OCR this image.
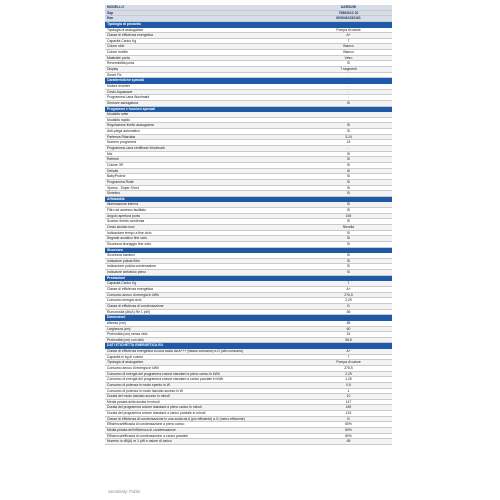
MODELLO	DAR5/2W
Sap	75863012 20
Ean	8059461282161
Tipologia di prodotto	
Tipologia di asciugatrice	Pompa di calore
Classe di efficienza energetica	A+
Capacità Carico Kg	7
Colore oblò	Bianco
Colore mobile	Bianco
Materiale porta	Vetro
Reversibilità porta	Si
Display	7 segmenti
Smart Fix	-
Caratteristiche speciali	
Motore Inverter	-
Cesto Aquawave	-
Programma Lana Woolmark	-
Sensore asciugatura	Si
Programmi e funzioni speciali	
Modalità notte	
Modalità rapido	
Regolazione livello asciugatura	Si
Anti-piega automatico	Si
Partenza Ritardata	3-24
Numero programmi	15
Programma Lana certificato Woolmark	-
Mix	Si
Refresh	Si
Cotone 39'	Si
Delicati	Si
BabyProtect	Si
Programma Rotte	Si
Xpress - Super Short	Si
Sintetico	Si
Affidabilità	
Illuminazione interna	Si
Filtro ad accesso facilitato	Si
Angolo apertura porta	155
Scarico diretto condensa	Si
Cesto acciaio inox	Nirvella
Indicazione tempo a fine ciclo	Si
Segnale acustico fine ciclo	Si
Sicurezza tiruraggio fine ciclo	Si
Sicurezza	
Sicurezza bambini	Si
Indicatore pulizia filtro	Si
Indicazione pulizia condensatore	Si
Indicatore serbatoio pieno	Si
Prestazioni	
Capacità Carico Kg	7
Classe di efficienza energetica	A+
Consumo annuo di energia in kWh	276,5
Consumo energia ciclo	2,29
Classe di efficienza di condensazione	B
Rumorosità (db(A) Re 1 pW)	65
Dimensioni	
Altezza (cm)	85
Larghezza (cm)	60
Profondità (cm) senza oblò	51
Profondità (cm) con oblò	56,8
DATI ETICHETTA ENERGETICA EU	
Classe di efficienza energetica su una scala da A+++ (basso consumo) a G (alto consumo)	A+
Capacità in kg di cotone	7
Tipologia di asciugatrice	Pompa di calore
Consumo annuo di energia in kWh	276,5
Consumo di energia del programma cotone standard a pieno carico in kWh	2,29
Consumo di energia del programma cotone standard a carico parziale in kWh	1,26
Consumo di potenza in modo spento in W	0,5
Consumo di potenza in modo lasciato acceso in W	1
Durata del modo lasciato acceso in minuti	10
Media pesata della durata in minuti	147
Durata del programma cotone standard a pieno carico in minuti	189
Durata del programma cotone standard a carico parziale in minuti	115
Classe di efficienza di condensazione in una scala da A (più efficiente) a G (meno efficiente)	B
Efficienza/efficacia di condensazione a pieno carico	80%
Media pesata dell'efficienza di condensazione	80%
Efficienza/efficacia di condensazione a carico parziale	80%
Numero in dB(A) re 1 pW e valore di carico	65
Sensitivity: Public
